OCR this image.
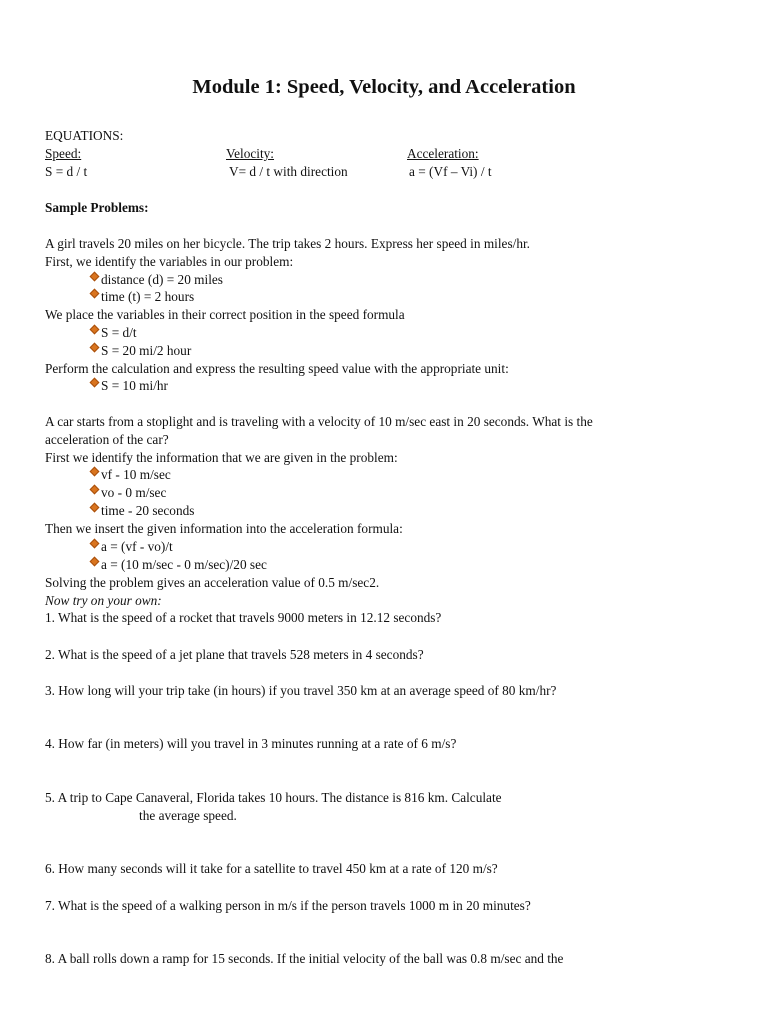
Module 1: Speed, Velocity, and Acceleration
EQUATIONS:
Speed:	Velocity:	Acceleration:
S = d / t	V= d / t with direction	a = (Vf – Vi) / t
Sample Problems:
A girl travels 20 miles on her bicycle. The trip takes 2 hours. Express her speed in miles/hr.
First, we identify the variables in our problem:
distance (d) = 20 miles
time (t) = 2 hours
We place the variables in their correct position in the speed formula
S = d/t
S = 20 mi/2 hour
Perform the calculation and express the resulting speed value with the appropriate unit:
S = 10 mi/hr
A car starts from a stoplight and is traveling with a velocity of 10 m/sec east in 20 seconds. What is the
acceleration of the car?
First we identify the information that we are given in the problem:
vf - 10 m/sec
vo - 0 m/sec
time - 20 seconds
Then we insert the given information into the acceleration formula:
a = (vf - vo)/t
a = (10 m/sec - 0 m/sec)/20 sec
Solving the problem gives an acceleration value of 0.5 m/sec2.
Now try on your own:
1. What is the speed of a rocket that travels 9000 meters in 12.12 seconds?
2. What is the speed of a jet plane that travels 528 meters in 4 seconds?
3. How long will your trip take (in hours) if you travel 350 km at an average speed of 80 km/hr?
4. How far (in meters) will you travel in 3 minutes running at a rate of 6 m/s?
5. A trip to Cape Canaveral, Florida takes 10 hours. The distance is 816 km. Calculate
the average speed.
6. How many seconds will it take for a satellite to travel 450 km at a rate of 120 m/s?
7. What is the speed of a walking person in m/s if the person travels 1000 m in 20 minutes?
8. A ball rolls down a ramp for 15 seconds. If the initial velocity of the ball was 0.8 m/sec and the
